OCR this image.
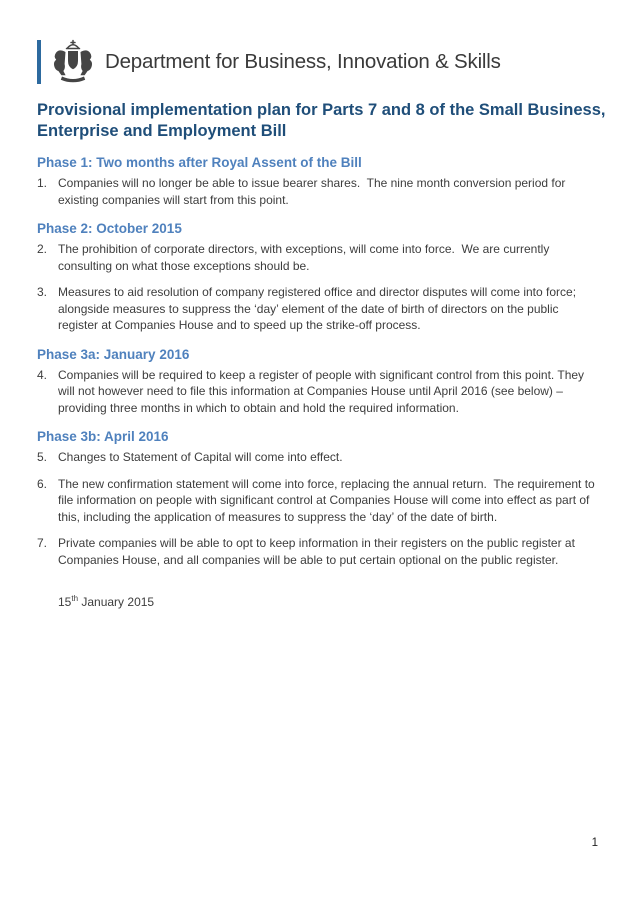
Department for Business, Innovation & Skills
Provisional implementation plan for Parts 7 and 8 of the Small Business, Enterprise and Employment Bill
Phase 1: Two months after Royal Assent of the Bill
1. Companies will no longer be able to issue bearer shares.  The nine month conversion period for existing companies will start from this point.
Phase 2: October 2015
2. The prohibition of corporate directors, with exceptions, will come into force.  We are currently consulting on what those exceptions should be.
3. Measures to aid resolution of company registered office and director disputes will come into force; alongside measures to suppress the ‘day’ element of the date of birth of directors on the public register at Companies House and to speed up the strike-off process.
Phase 3a: January 2016
4. Companies will be required to keep a register of people with significant control from this point. They will not however need to file this information at Companies House until April 2016 (see below) – providing three months in which to obtain and hold the required information.
Phase 3b: April 2016
5. Changes to Statement of Capital will come into effect.
6. The new confirmation statement will come into force, replacing the annual return.  The requirement to file information on people with significant control at Companies House will come into effect as part of this, including the application of measures to suppress the ‘day’ of the date of birth.
7. Private companies will be able to opt to keep information in their registers on the public register at Companies House, and all companies will be able to put certain optional on the public register.
15th January 2015
1
